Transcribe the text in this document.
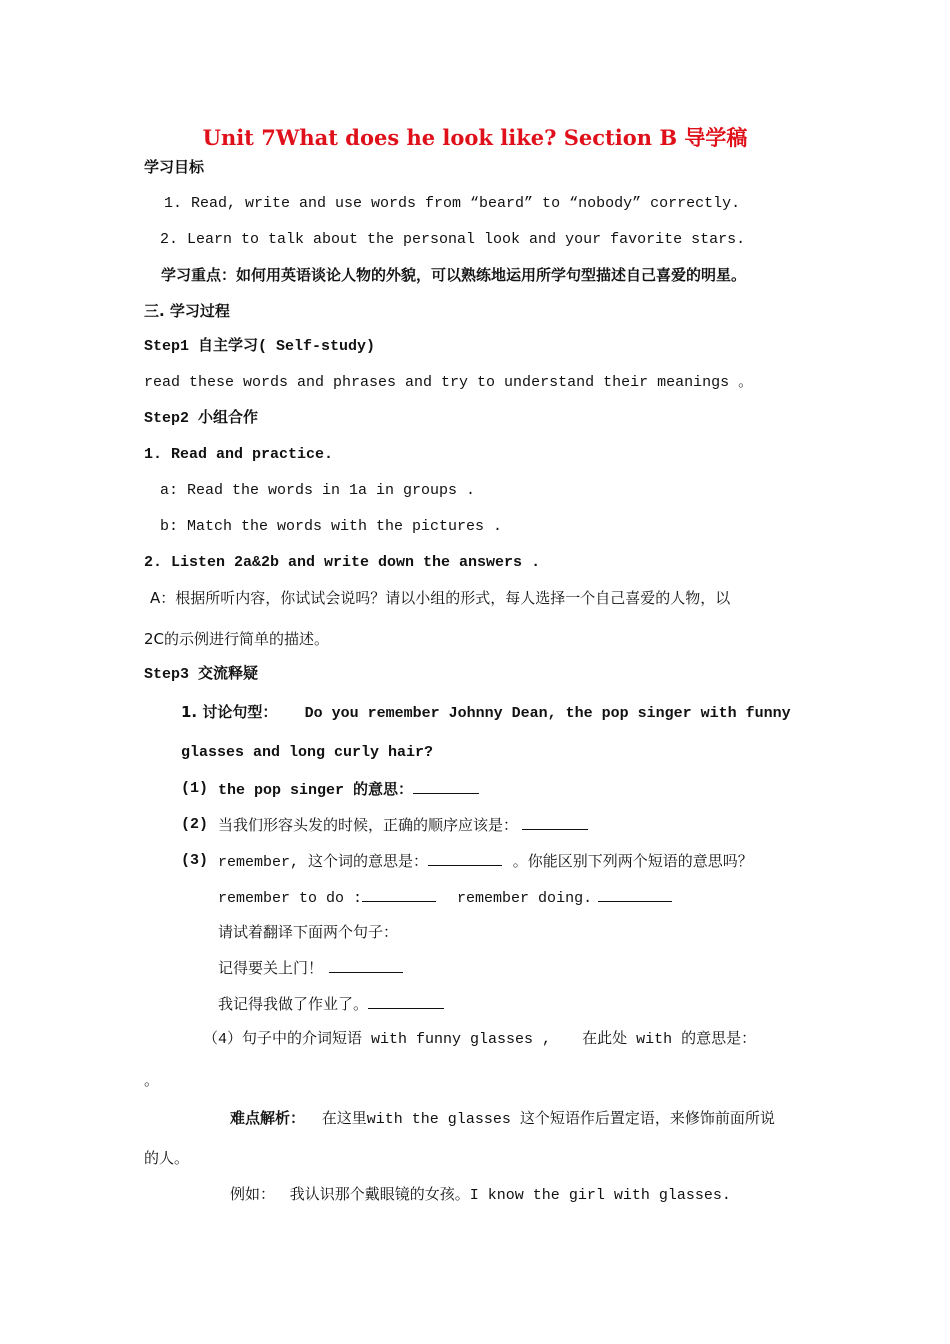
Unit 7What does he look like? Section B 导学稿
学习目标
1. Read, write and use words from “beard” to “nobody” correctly.
2. Learn to talk about the personal look and your favorite stars.
学习重点：如何用英语谈论人物的外貌，可以熟练地运用所学句型描述自己喜爱的明星。
三. 学习过程
Step1 自主学习( Self-study)
read these words and phrases and try to understand their meanings 。
Step2 小组合作
1. Read and practice.
a: Read the words in 1a in groups .
b: Match the words with the pictures .
2. Listen 2a&2b and write down the answers .
A：根据所听内容，你试试会说吗？请以小组的形式，每人选择一个自己喜爱的人物，以
2C的示例进行简单的描述。
Step3 交流释疑
1. 讨论句型： Do you remember Johnny Dean, the pop singer with funny
glasses and long curly hair?
(1) the pop singer 的意思：
(2) 当我们形容头发的时候，正确的顺序应该是：
(3) remember, 这个词的意思是：	。你能区别下列两个短语的意思吗？
remember to do :	remember doing.
请试着翻译下面两个句子：
记得要关上门！
我记得我做了作业了。
（4）句子中的介词短语 with funny glasses , 在此处 with 的意思是：
。
难点解析： 在这里with the glasses 这个短语作后置定语，来修饰前面所说
的人。
例如： 我认识那个戴眼镜的女孩。I know the girl with glasses.
